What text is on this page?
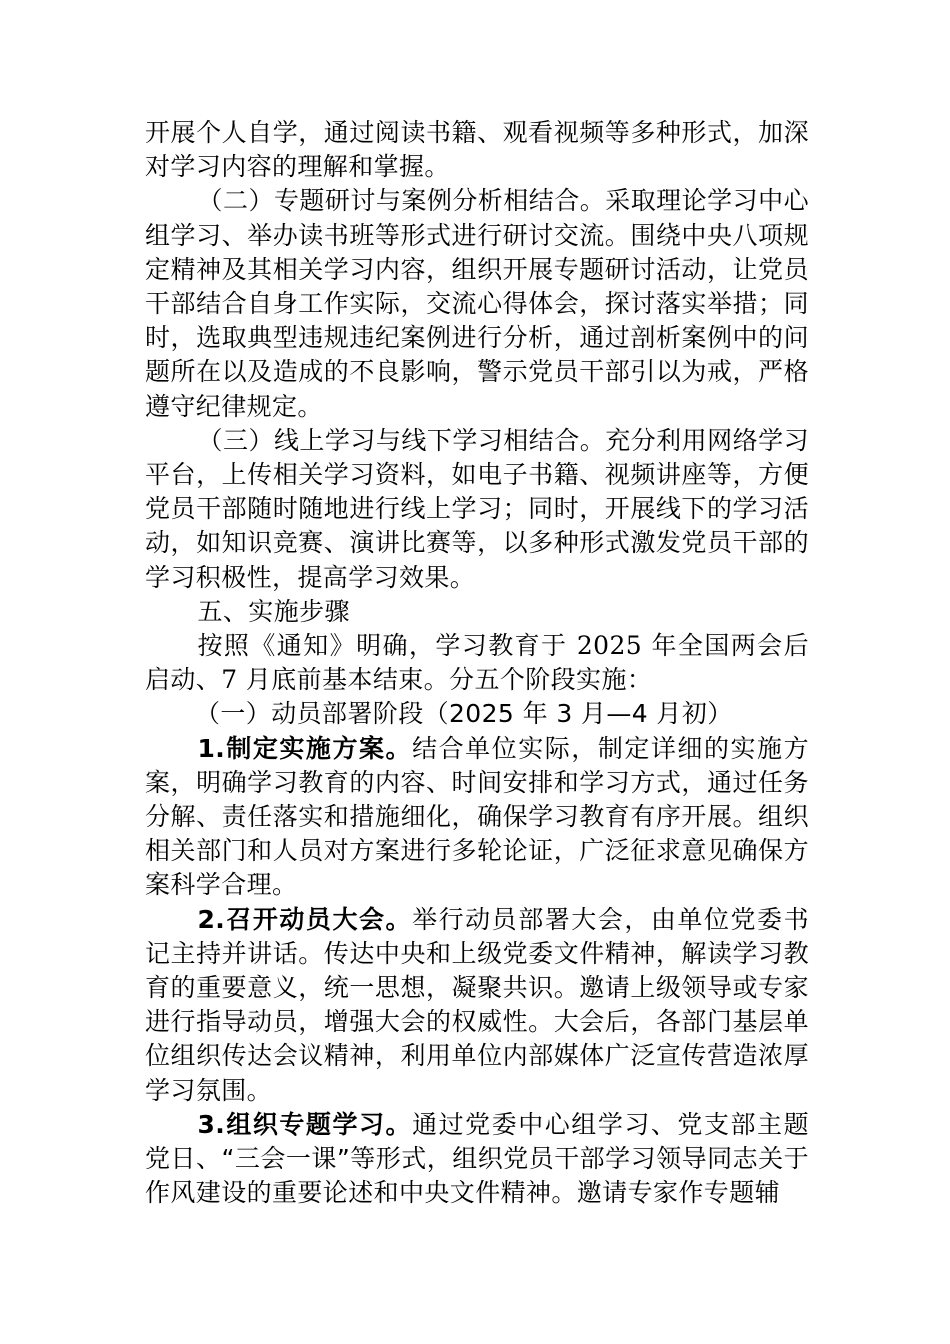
开展个人自学，通过阅读书籍、观看视频等多种形式，加深对学习内容的理解和掌握。

（二）专题研讨与案例分析相结合。采取理论学习中心组学习、举办读书班等形式进行研讨交流。围绕中央八项规定精神及其相关学习内容，组织开展专题研讨活动，让党员干部结合自身工作实际，交流心得体会，探讨落实举措；同时，选取典型违规违纪案例进行分析，通过剖析案例中的问题所在以及造成的不良影响，警示党员干部引以为戒，严格遵守纪律规定。

（三）线上学习与线下学习相结合。充分利用网络学习平台，上传相关学习资料，如电子书籍、视频讲座等，方便党员干部随时随地进行线上学习；同时，开展线下的学习活动，如知识竞赛、演讲比赛等，以多种形式激发党员干部的学习积极性，提高学习效果。

五、实施步骤

按照《通知》明确，学习教育于 2025 年全国两会后启动、7 月底前基本结束。分五个阶段实施：

（一）动员部署阶段（2025 年 3 月—4 月初）

1.制定实施方案。结合单位实际，制定详细的实施方案，明确学习教育的内容、时间安排和学习方式，通过任务分解、责任落实和措施细化，确保学习教育有序开展。组织相关部门和人员对方案进行多轮论证，广泛征求意见确保方案科学合理。

2.召开动员大会。举行动员部署大会，由单位党委书记主持并讲话。传达中央和上级党委文件精神，解读学习教育的重要意义，统一思想，凝聚共识。邀请上级领导或专家进行指导动员，增强大会的权威性。大会后，各部门基层单位组织传达会议精神，利用单位内部媒体广泛宣传营造浓厚学习氛围。

3.组织专题学习。通过党委中心组学习、党支部主题党日、“三会一课”等形式，组织党员干部学习领导同志关于作风建设的重要论述和中央文件精神。邀请专家作专题辅
